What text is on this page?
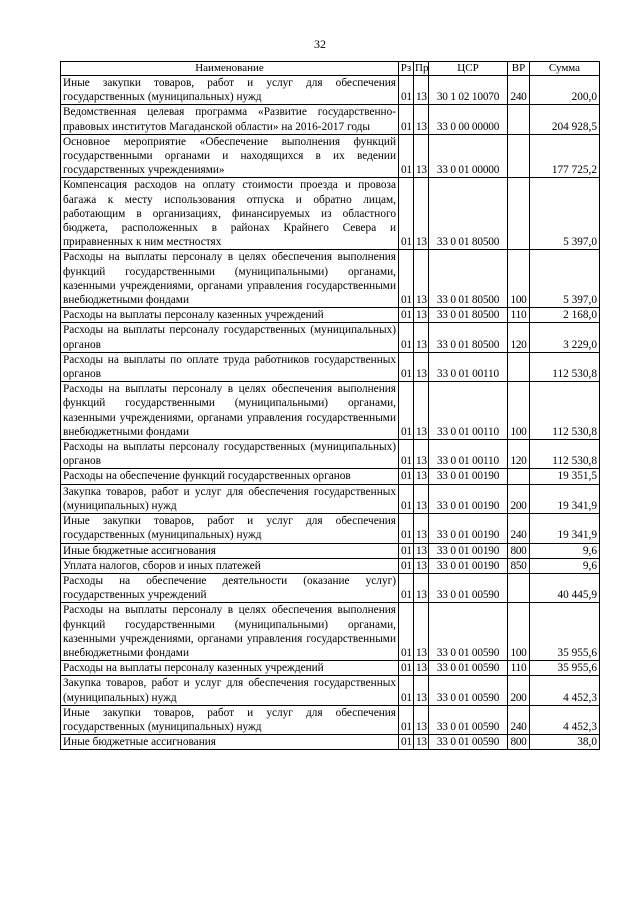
32
Наименование	Рз	Пр	ЦСР	ВР	Сумма
Иные закупки товаров, работ и услуг для обеспечения государственных (муниципальных) нужд	01	13	30 1 02 10070	240	200,0
Ведомственная целевая программа «Развитие государственно-правовых институтов Магаданской области» на 2016-2017 годы	01	13	33 0 00 00000		204 928,5
Основное мероприятие «Обеспечение выполнения функций государственными органами и находящихся в их ведении государственных учреждениями»	01	13	33 0 01 00000		177 725,2
Компенсация расходов на оплату стоимости проезда и провоза багажа к месту использования отпуска и обратно лицам, работающим в организациях, финансируемых из областного бюджета, расположенных в районах Крайнего Севера и приравненных к ним местностях	01	13	33 0 01 80500		5 397,0
Расходы на выплаты персоналу в целях обеспечения выполнения функций государственными (муниципальными) органами, казенными учреждениями, органами управления государственными внебюджетными фондами	01	13	33 0 01 80500	100	5 397,0
Расходы на выплаты персоналу казенных учреждений	01	13	33 0 01 80500	110	2 168,0
Расходы на выплаты персоналу государственных (муниципальных) органов	01	13	33 0 01 80500	120	3 229,0
Расходы на выплаты по оплате труда работников государственных органов	01	13	33 0 01 00110		112 530,8
Расходы на выплаты персоналу в целях обеспечения выполнения функций государственными (муниципальными) органами, казенными учреждениями, органами управления государственными внебюджетными фондами	01	13	33 0 01 00110	100	112 530,8
Расходы на выплаты персоналу государственных (муниципальных) органов	01	13	33 0 01 00110	120	112 530,8
Расходы на обеспечение функций государственных органов	01	13	33 0 01 00190		19 351,5
Закупка товаров, работ и услуг для обеспечения государственных (муниципальных) нужд	01	13	33 0 01 00190	200	19 341,9
Иные закупки товаров, работ и услуг для обеспечения государственных (муниципальных) нужд	01	13	33 0 01 00190	240	19 341,9
Иные бюджетные ассигнования	01	13	33 0 01 00190	800	9,6
Уплата налогов, сборов и иных платежей	01	13	33 0 01 00190	850	9,6
Расходы на обеспечение деятельности (оказание услуг) государственных учреждений	01	13	33 0 01 00590		40 445,9
Расходы на выплаты персоналу в целях обеспечения выполнения функций государственными (муниципальными) органами, казенными учреждениями, органами управления государственными внебюджетными фондами	01	13	33 0 01 00590	100	35 955,6
Расходы на выплаты персоналу казенных учреждений	01	13	33 0 01 00590	110	35 955,6
Закупка товаров, работ и услуг для обеспечения государственных (муниципальных) нужд	01	13	33 0 01 00590	200	4 452,3
Иные закупки товаров, работ и услуг для обеспечения государственных (муниципальных) нужд	01	13	33 0 01 00590	240	4 452,3
Иные бюджетные ассигнования	01	13	33 0 01 00590	800	38,0
